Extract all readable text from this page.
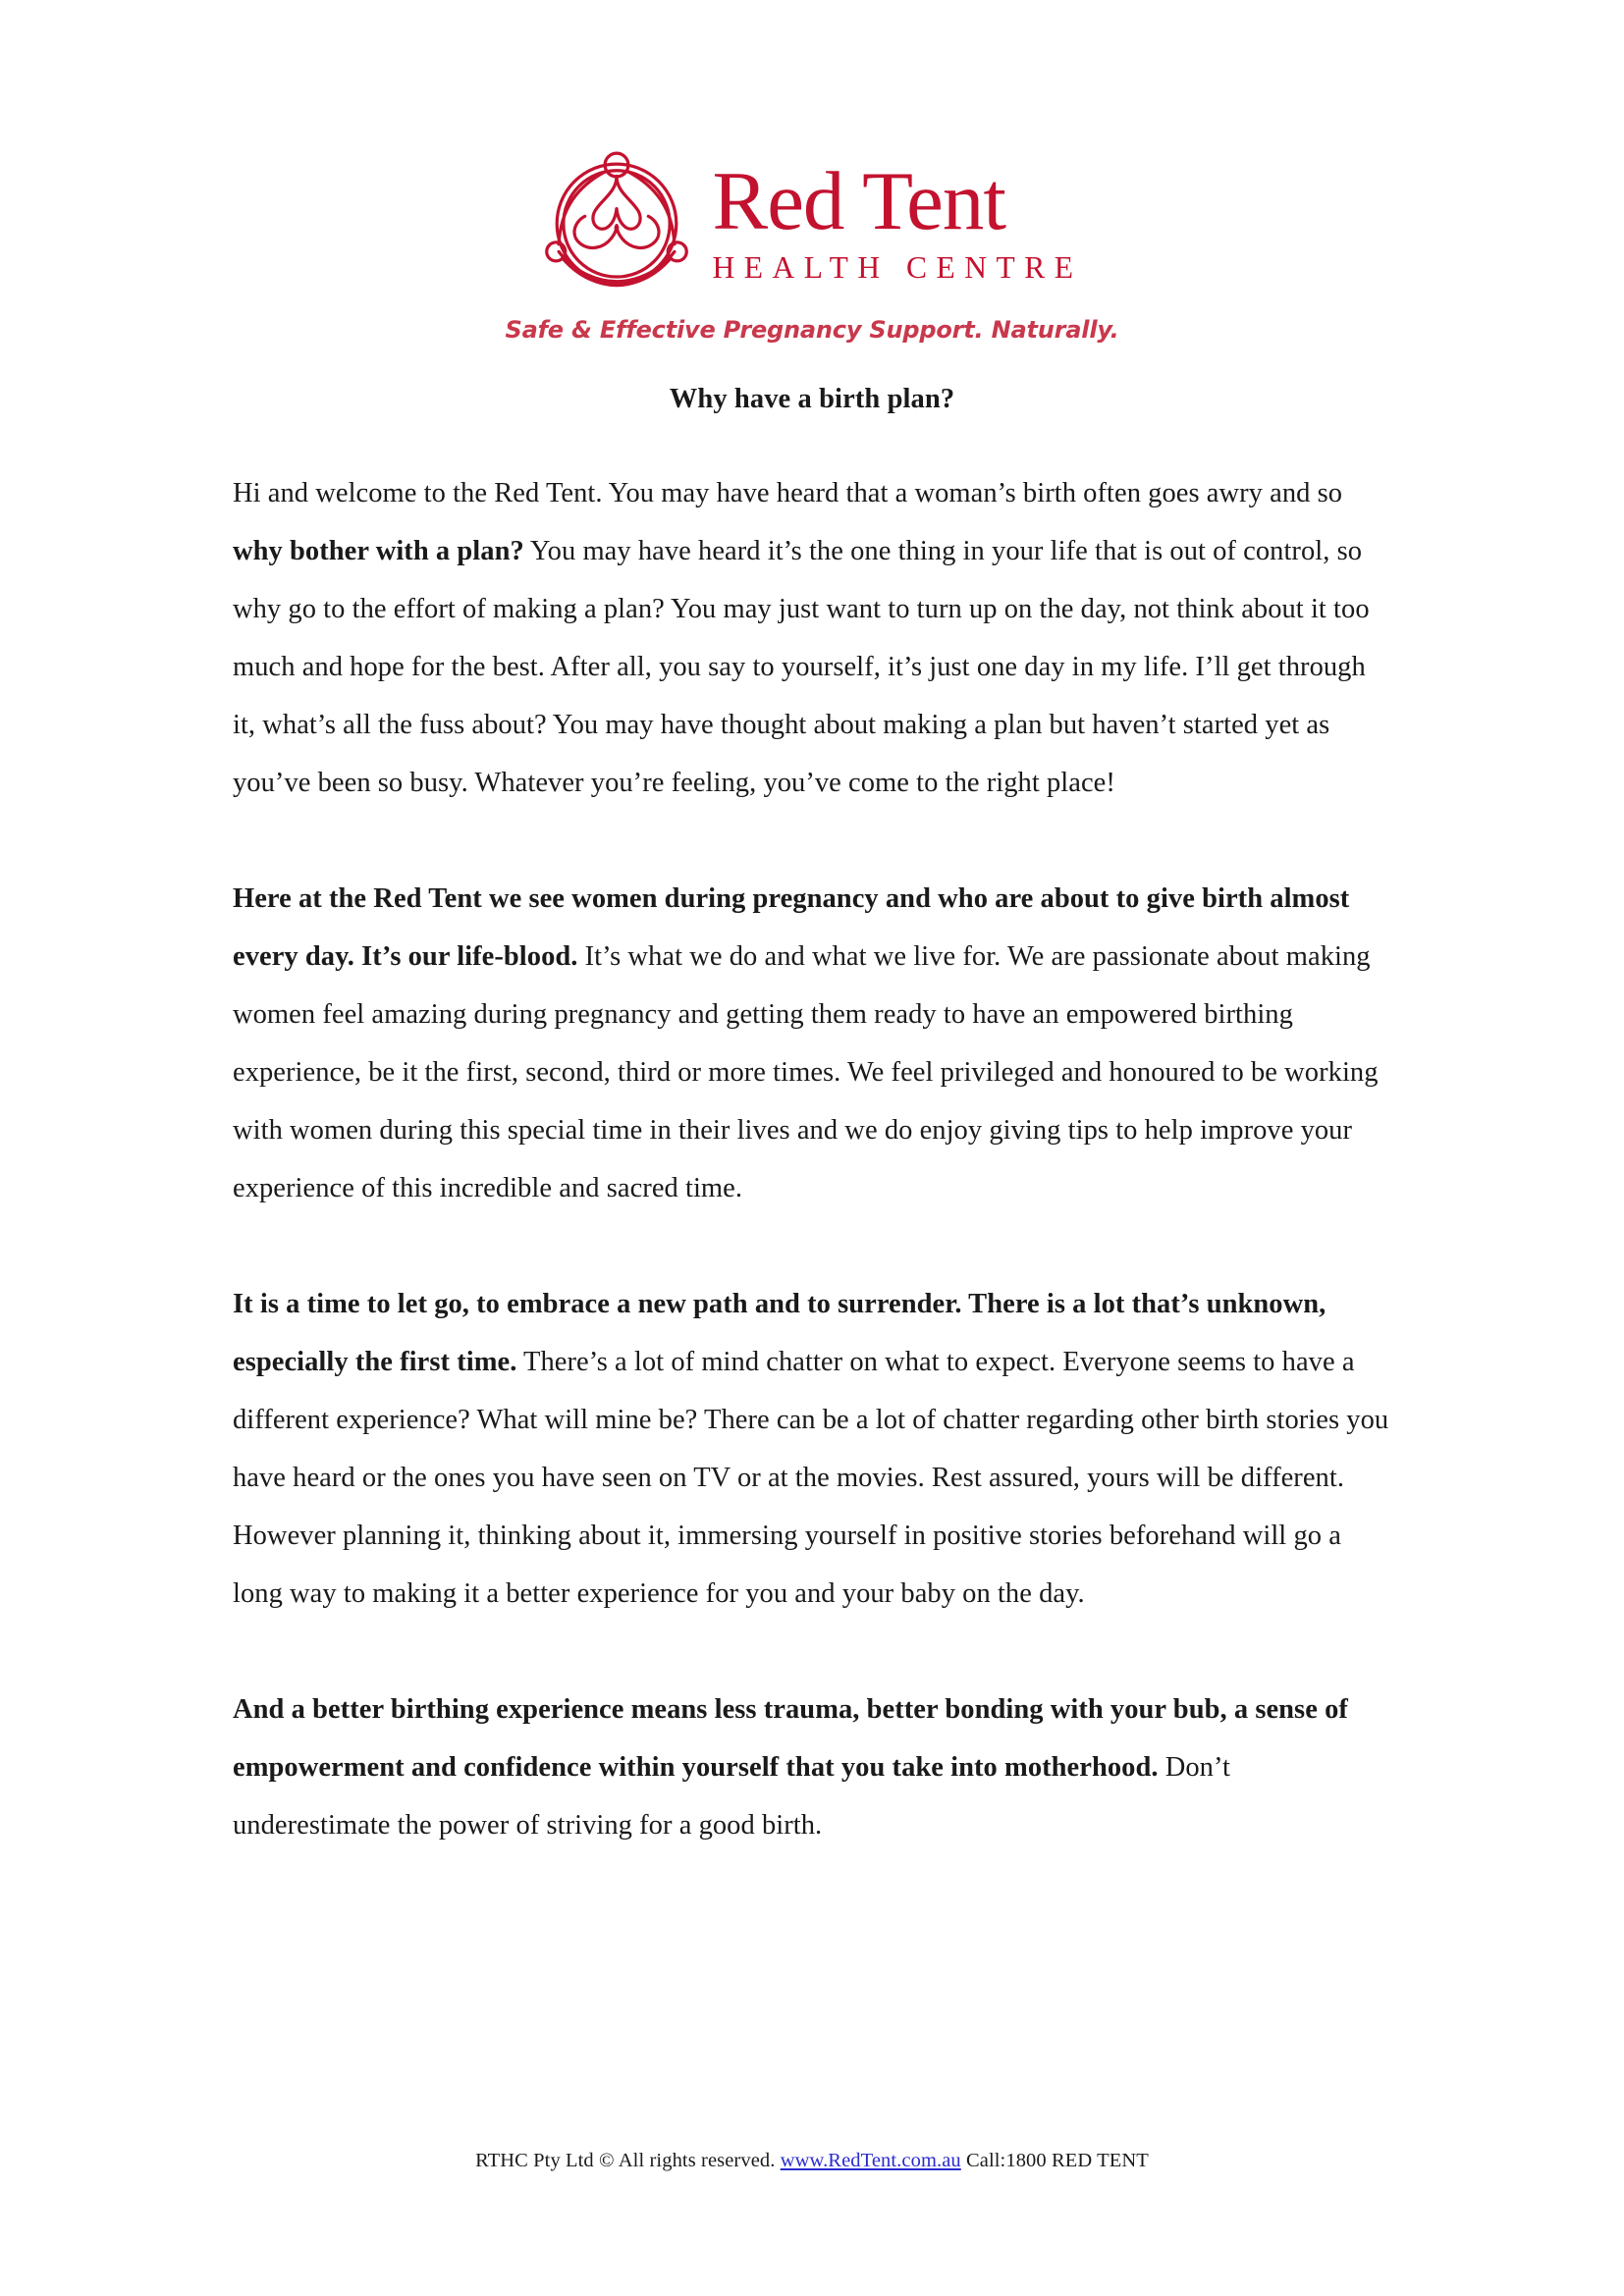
Red Tent
HEALTH CENTRE
Safe & Effective Pregnancy Support. Naturally.
Why have a birth plan?

Hi and welcome to the Red Tent. You may have heard that a woman’s birth often goes awry and so why bother with a plan? You may have heard it’s the one thing in your life that is out of control, so why go to the effort of making a plan? You may just want to turn up on the day, not think about it too much and hope for the best. After all, you say to yourself, it’s just one day in my life. I’ll get through it, what’s all the fuss about? You may have thought about making a plan but haven’t started yet as you’ve been so busy. Whatever you’re feeling, you’ve come to the right place!

Here at the Red Tent we see women during pregnancy and who are about to give birth almost every day. It’s our life-blood. It’s what we do and what we live for. We are passionate about making women feel amazing during pregnancy and getting them ready to have an empowered birthing experience, be it the first, second, third or more times. We feel privileged and honoured to be working with women during this special time in their lives and we do enjoy giving tips to help improve your experience of this incredible and sacred time.

It is a time to let go, to embrace a new path and to surrender. There is a lot that’s unknown, especially the first time. There’s a lot of mind chatter on what to expect. Everyone seems to have a different experience? What will mine be? There can be a lot of chatter regarding other birth stories you have heard or the ones you have seen on TV or at the movies. Rest assured, yours will be different. However planning it, thinking about it, immersing yourself in positive stories beforehand will go a long way to making it a better experience for you and your baby on the day.

And a better birthing experience means less trauma, better bonding with your bub, a sense of empowerment and confidence within yourself that you take into motherhood. Don’t underestimate the power of striving for a good birth.

RTHC Pty Ltd © All rights reserved. www.RedTent.com.au Call:1800 RED TENT
